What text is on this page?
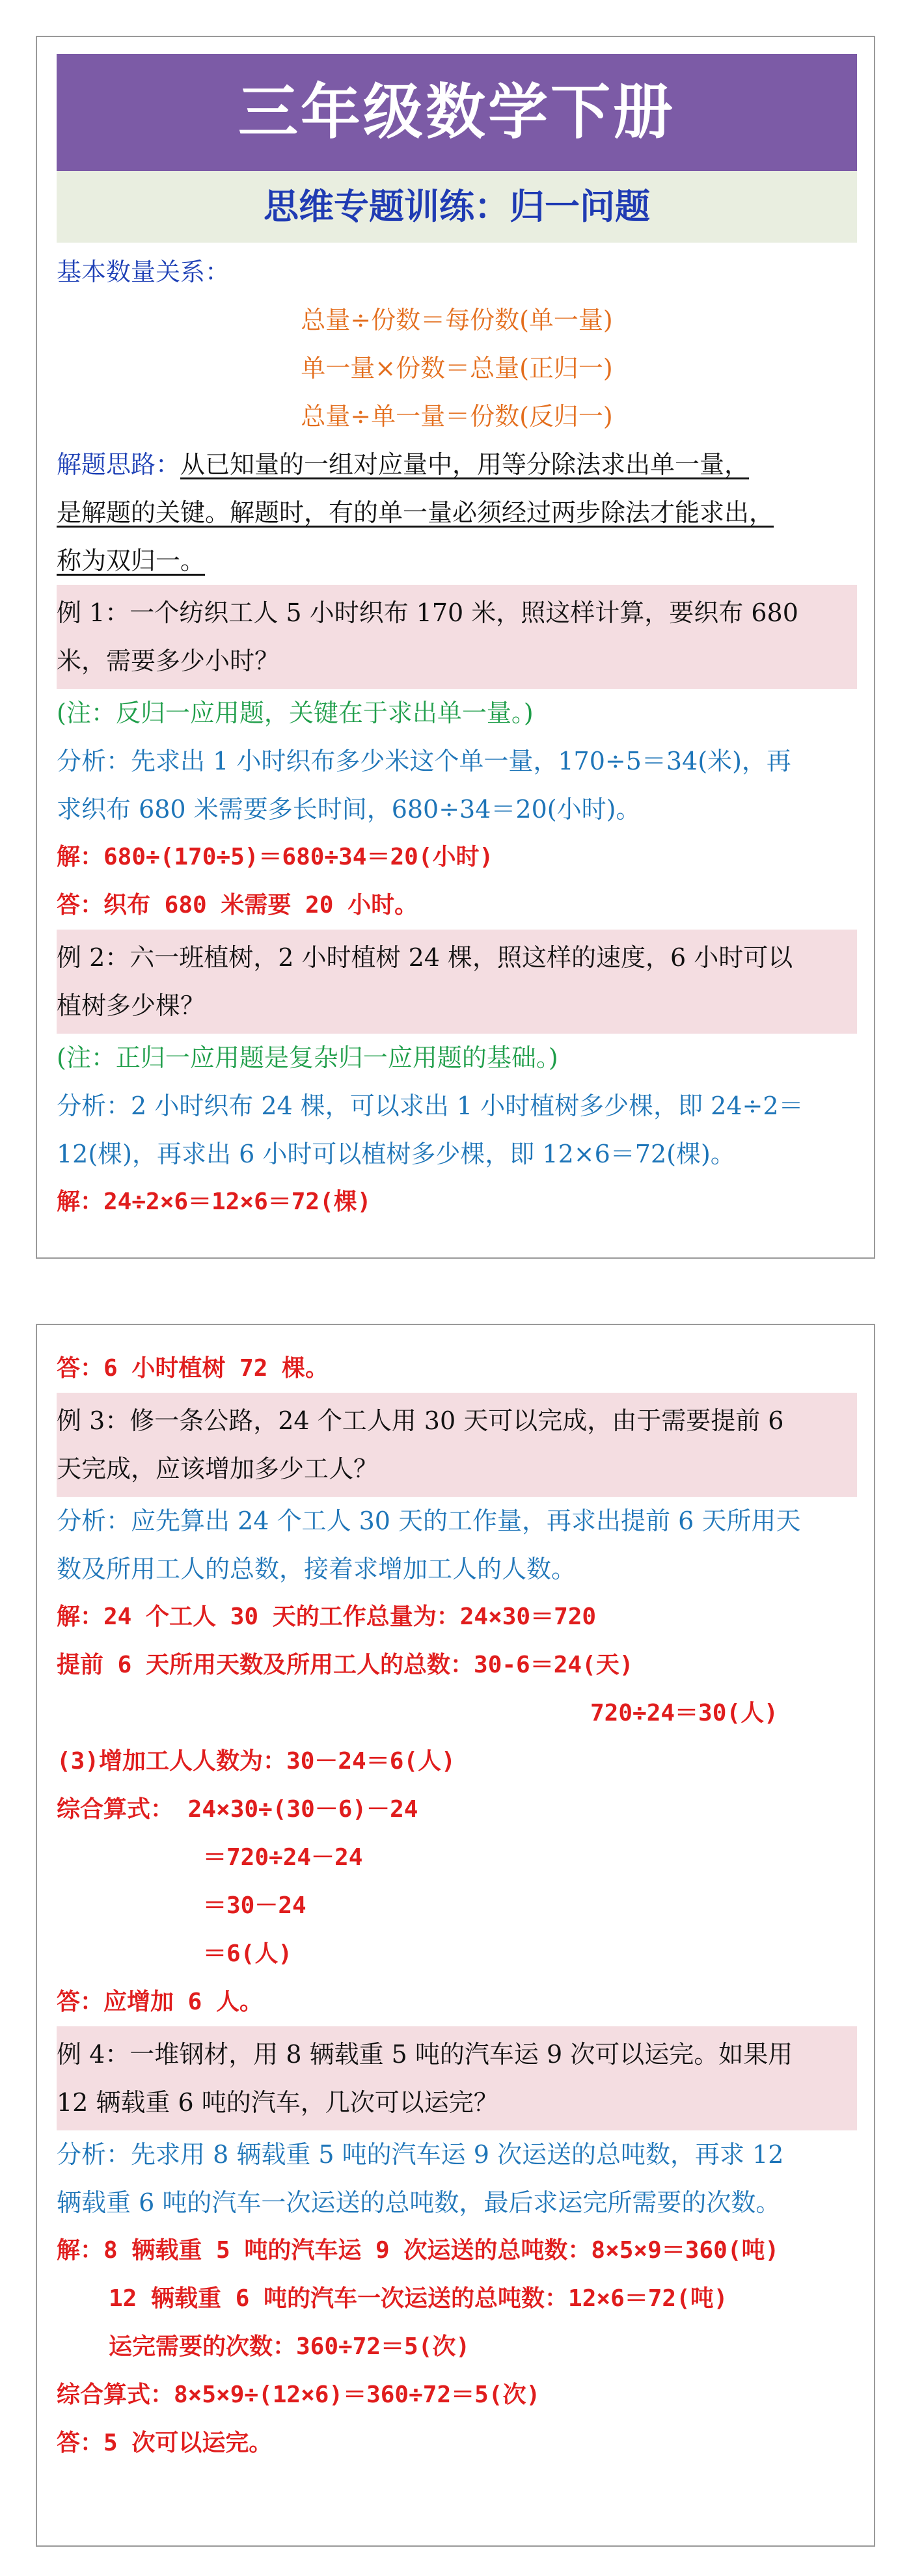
三年级数学下册
思维专题训练：归一问题
基本数量关系：
总量÷份数＝每份数(单一量)
单一量×份数＝总量(正归一)
总量÷单一量＝份数(反归一)
解题思路：从已知量的一组对应量中，用等分除法求出单一量，
是解题的关键。解题时，有的单一量必须经过两步除法才能求出，
称为双归一。
例 1：一个纺织工人 5 小时织布 170 米，照这样计算，要织布 680
米，需要多少小时？
(注：反归一应用题，关键在于求出单一量。)
分析：先求出 1 小时织布多少米这个单一量，170÷5＝34(米)，再
求织布 680 米需要多长时间，680÷34＝20(小时)。
解：680÷(170÷5)＝680÷34＝20(小时)
答：织布 680 米需要 20 小时。
例 2：六一班植树，2 小时植树 24 棵，照这样的速度，6 小时可以
植树多少棵？
(注：正归一应用题是复杂归一应用题的基础。)
分析：2 小时织布 24 棵，可以求出 1 小时植树多少棵，即 24÷2＝
12(棵)，再求出 6 小时可以植树多少棵，即 12×6＝72(棵)。
解：24÷2×6＝12×6＝72(棵)
答：6 小时植树 72 棵。
例 3：修一条公路，24 个工人用 30 天可以完成，由于需要提前 6
天完成，应该增加多少工人？
分析：应先算出 24 个工人 30 天的工作量，再求出提前 6 天所用天
数及所用工人的总数，接着求增加工人的人数。
解：24 个工人 30 天的工作总量为：24×30＝720
提前 6 天所用天数及所用工人的总数：30-6＝24(天)
720÷24＝30(人)
(3)增加工人人数为：30－24＝6(人)
综合算式： 24×30÷(30－6)－24
＝720÷24－24
＝30－24
＝6(人)
答：应增加 6 人。
例 4：一堆钢材，用 8 辆载重 5 吨的汽车运 9 次可以运完。如果用
12 辆载重 6 吨的汽车，几次可以运完？
分析：先求用 8 辆载重 5 吨的汽车运 9 次运送的总吨数，再求 12
辆载重 6 吨的汽车一次运送的总吨数，最后求运完所需要的次数。
解：8 辆载重 5 吨的汽车运 9 次运送的总吨数：8×5×9＝360(吨)
12 辆载重 6 吨的汽车一次运送的总吨数：12×6＝72(吨)
运完需要的次数：360÷72＝5(次)
综合算式：8×5×9÷(12×6)＝360÷72＝5(次)
答：5 次可以运完。
